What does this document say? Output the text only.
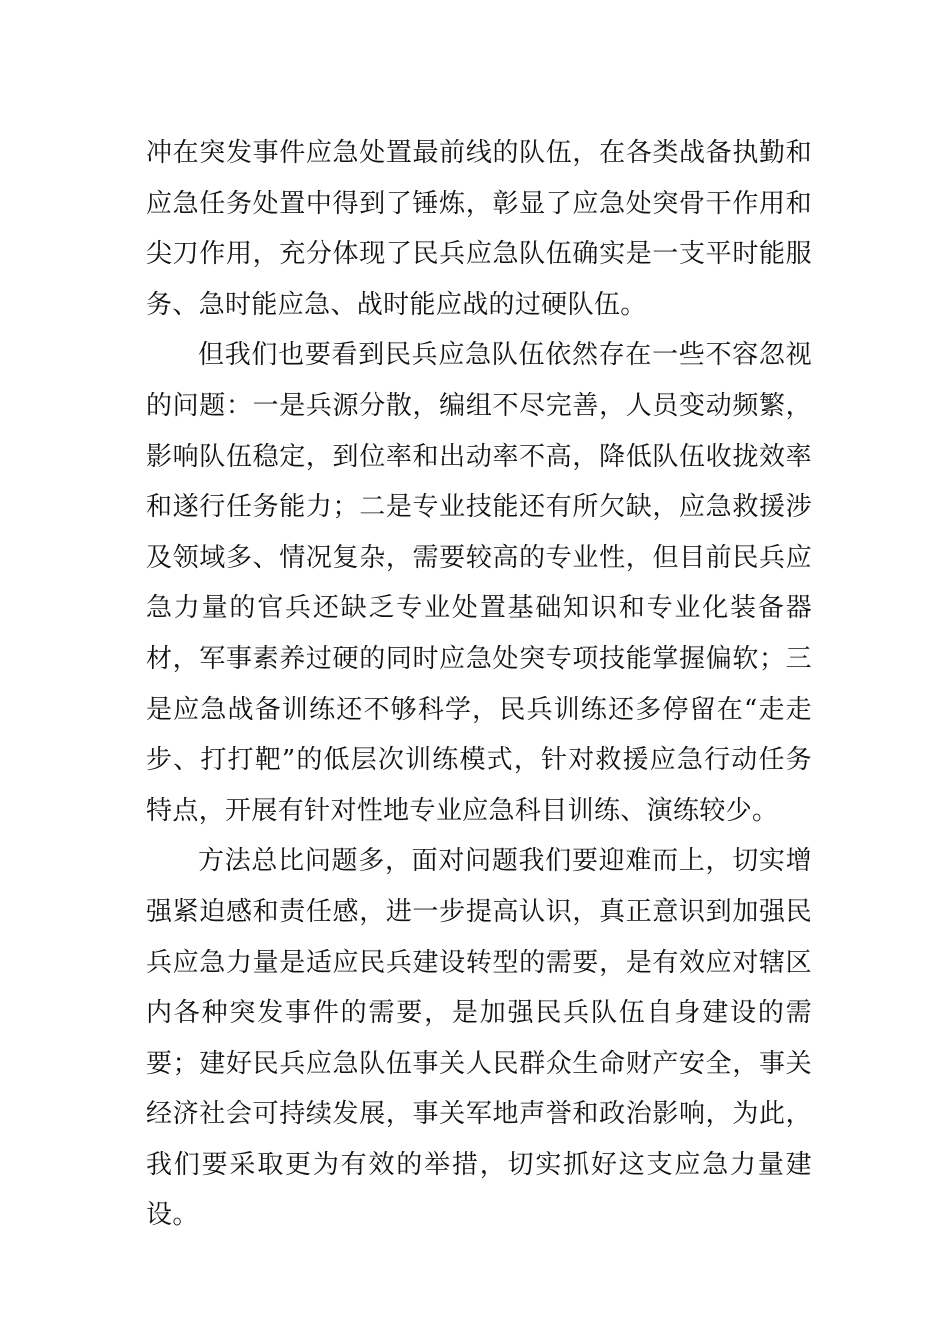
冲在突发事件应急处置最前线的队伍，在各类战备执勤和应急任务处置中得到了锤炼，彰显了应急处突骨干作用和尖刀作用，充分体现了民兵应急队伍确实是一支平时能服务、急时能应急、战时能应战的过硬队伍。

但我们也要看到民兵应急队伍依然存在一些不容忽视的问题：一是兵源分散，编组不尽完善，人员变动频繁，影响队伍稳定，到位率和出动率不高，降低队伍收拢效率和遂行任务能力；二是专业技能还有所欠缺，应急救援涉及领域多、情况复杂，需要较高的专业性，但目前民兵应急力量的官兵还缺乏专业处置基础知识和专业化装备器材，军事素养过硬的同时应急处突专项技能掌握偏软；三是应急战备训练还不够科学，民兵训练还多停留在“走走步、打打靶”的低层次训练模式，针对救援应急行动任务特点，开展有针对性地专业应急科目训练、演练较少。

方法总比问题多，面对问题我们要迎难而上，切实增强紧迫感和责任感，进一步提高认识，真正意识到加强民兵应急力量是适应民兵建设转型的需要，是有效应对辖区内各种突发事件的需要，是加强民兵队伍自身建设的需要；建好民兵应急队伍事关人民群众生命财产安全，事关经济社会可持续发展，事关军地声誉和政治影响，为此，我们要采取更为有效的举措，切实抓好这支应急力量建设。
